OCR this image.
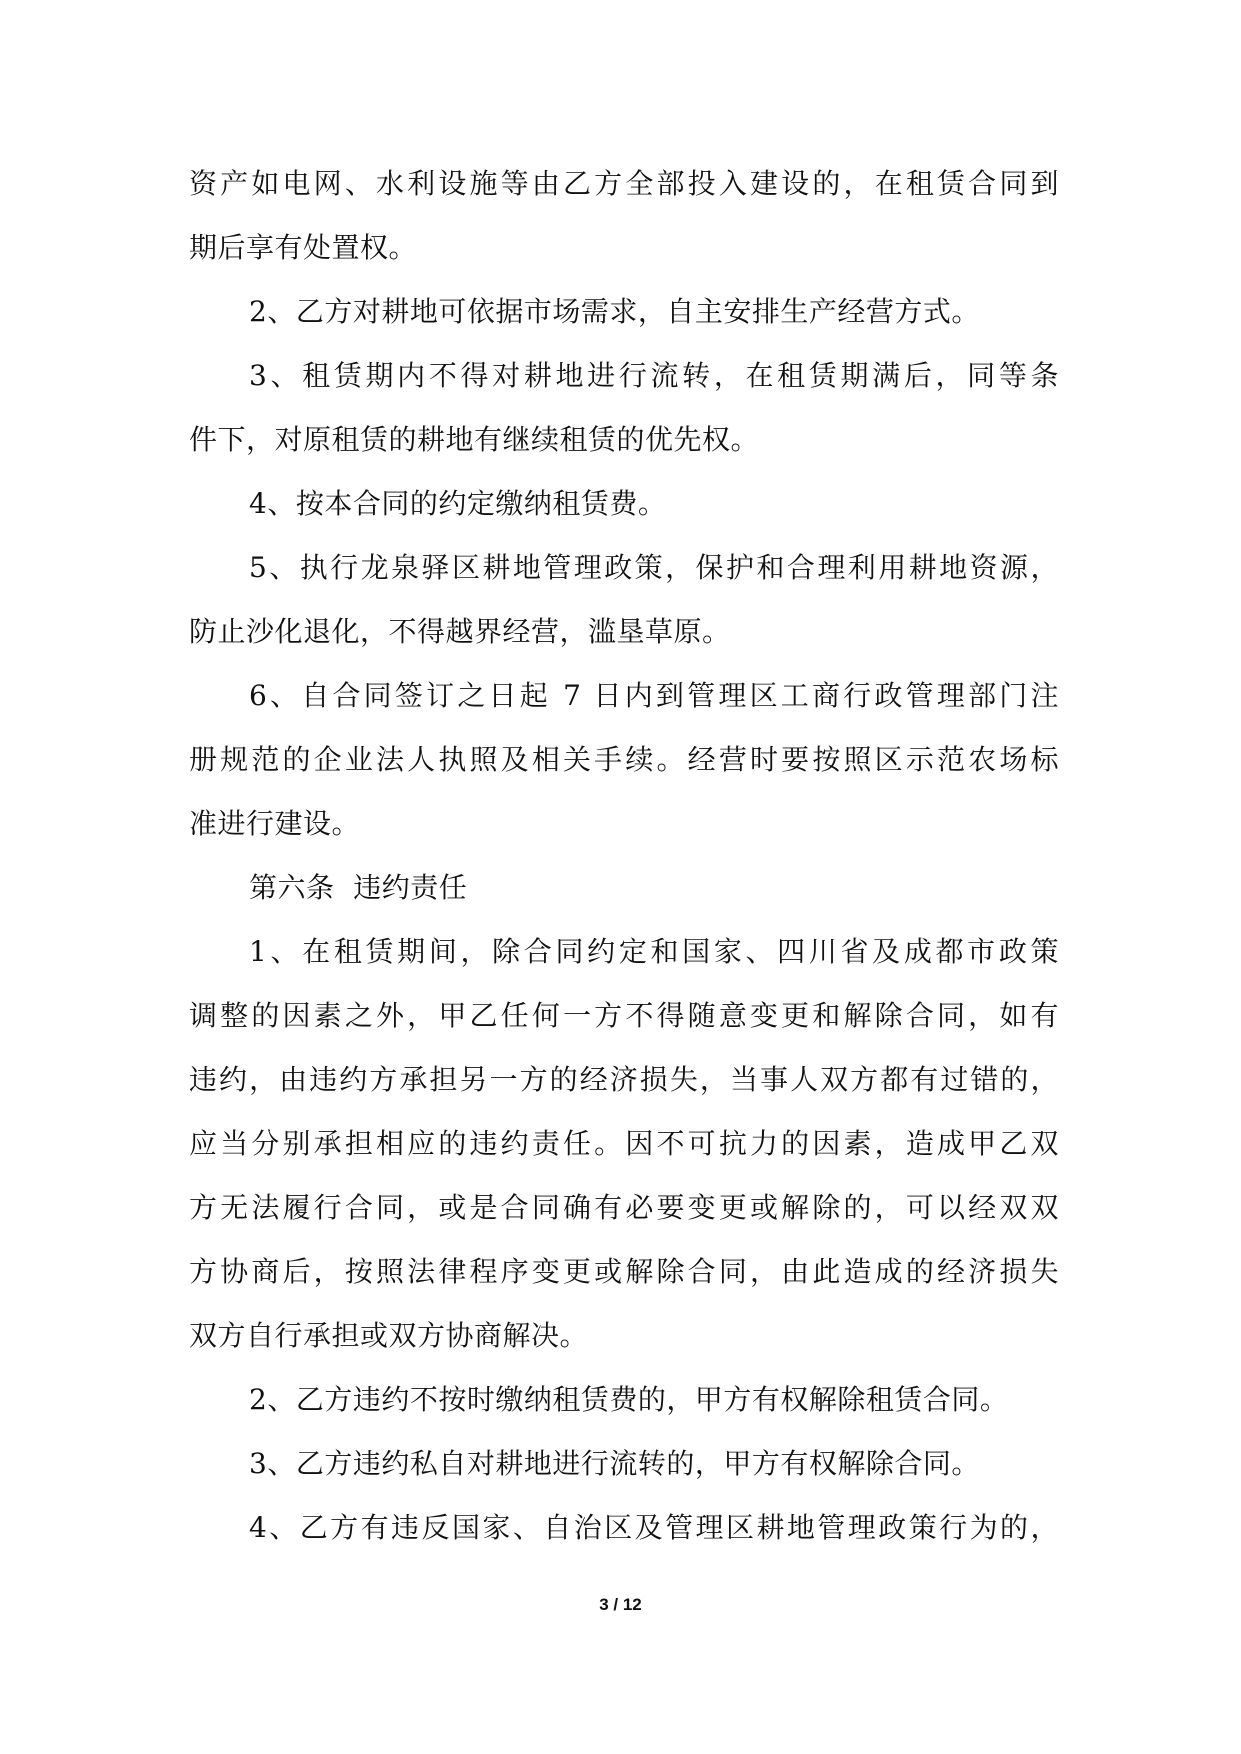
资产如电网、水利设施等由乙方全部投入建设的，在租赁合同到
期后享有处置权。
2、乙方对耕地可依据市场需求，自主安排生产经营方式。
3、租赁期内不得对耕地进行流转，在租赁期满后，同等条
件下，对原租赁的耕地有继续租赁的优先权。
4、按本合同的约定缴纳租赁费。
5、执行龙泉驿区耕地管理政策，保护和合理利用耕地资源，
防止沙化退化，不得越界经营，滥垦草原。
6、自合同签订之日起 7 日内到管理区工商行政管理部门注
册规范的企业法人执照及相关手续。经营时要按照区示范农场标
准进行建设。
第六条  违约责任
1、在租赁期间，除合同约定和国家、四川省及成都市政策
调整的因素之外，甲乙任何一方不得随意变更和解除合同，如有
违约，由违约方承担另一方的经济损失，当事人双方都有过错的，
应当分别承担相应的违约责任。因不可抗力的因素，造成甲乙双
方无法履行合同，或是合同确有必要变更或解除的，可以经双双
方协商后，按照法律程序变更或解除合同，由此造成的经济损失
双方自行承担或双方协商解决。
2、乙方违约不按时缴纳租赁费的，甲方有权解除租赁合同。
3、乙方违约私自对耕地进行流转的，甲方有权解除合同。
4、乙方有违反国家、自治区及管理区耕地管理政策行为的，
3 / 12
